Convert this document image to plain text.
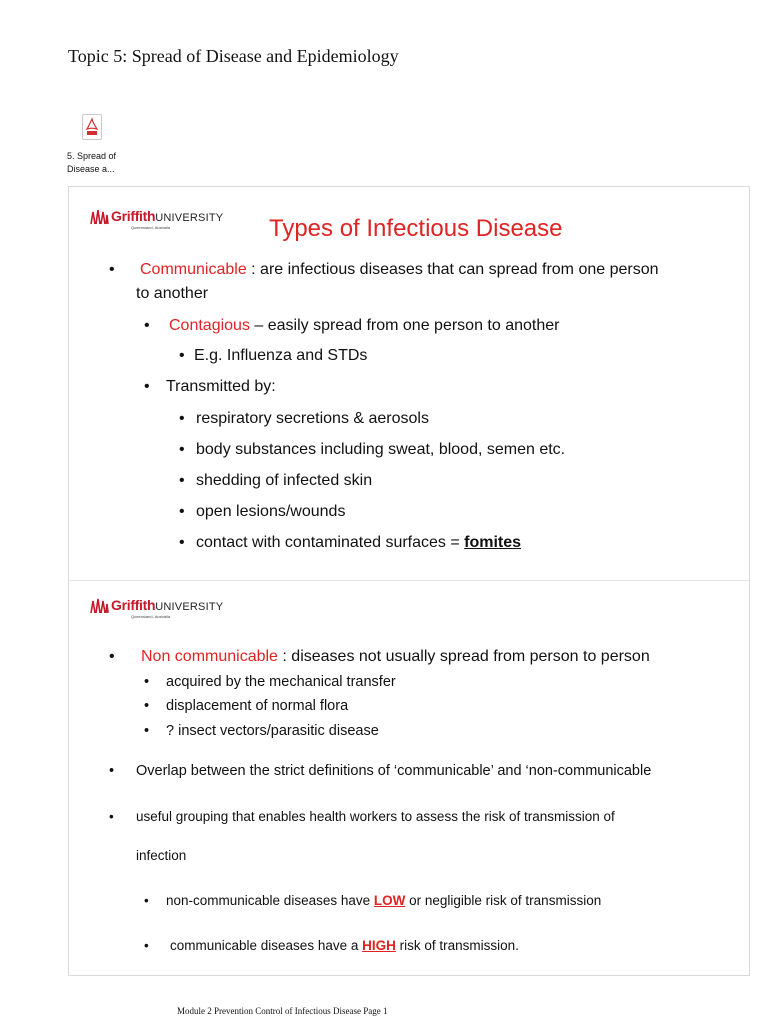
Topic 5: Spread of Disease and Epidemiology
5. Spread of
Disease a...
GriffithUNIVERSITY
Queensland, Australia	Types of Infectious Disease
• Communicable : are infectious diseases that can spread from one person
to another
• Contagious – easily spread from one person to another
• E.g. Influenza and STDs
• Transmitted by:
• respiratory secretions & aerosols
• body substances including sweat, blood, semen etc.
• shedding of infected skin
• open lesions/wounds
• contact with contaminated surfaces = fomites
GriffithUNIVERSITY
Queensland, Australia
• Non communicable : diseases not usually spread from person to person
• acquired by the mechanical transfer
• displacement of normal flora
• ? insect vectors/parasitic disease
• Overlap between the strict definitions of ‘communicable’ and ‘non-communicable
• useful grouping that enables health workers to assess the risk of transmission of
infection
• non-communicable diseases have LOW or negligible risk of transmission
• communicable diseases have a HIGH risk of transmission.
Module 2 Prevention Control of Infectious Disease Page 1
